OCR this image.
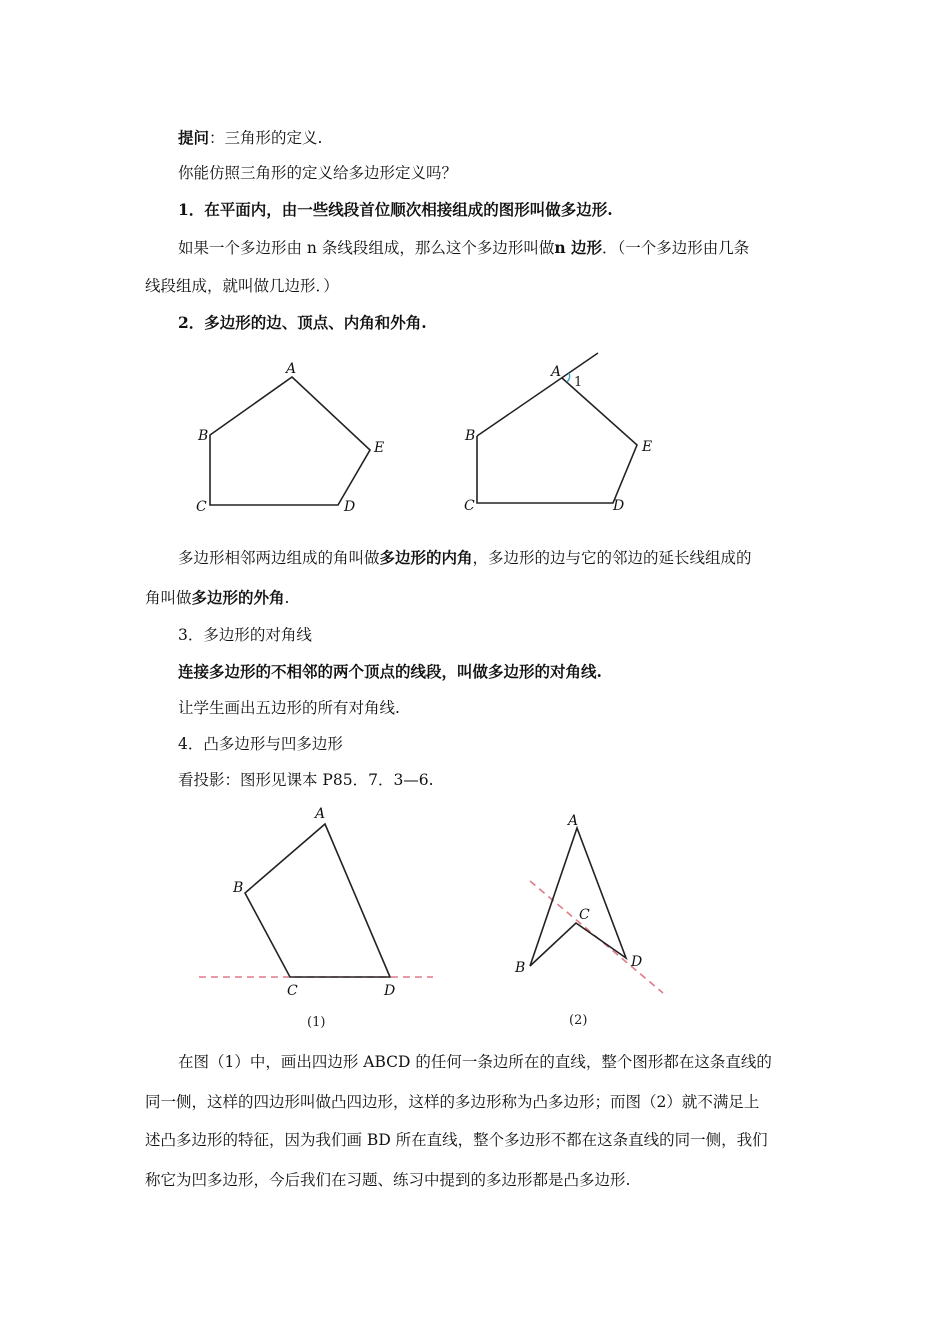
提问：三角形的定义.
你能仿照三角形的定义给多边形定义吗？
1．在平面内，由一些线段首位顺次相接组成的图形叫做多边形.
如果一个多边形由 n 条线段组成，那么这个多边形叫做n 边形．（一个多边形由几条
线段组成，就叫做几边形．）
2．多边形的边、顶点、内角和外角.
A
B
C	D
E
A
1
B
C	D
E
多边形相邻两边组成的角叫做多边形的内角，多边形的边与它的邻边的延长线组成的
角叫做多边形的外角.
3．多边形的对角线
连接多边形的不相邻的两个顶点的线段，叫做多边形的对角线.
让学生画出五边形的所有对角线.
4．凸多边形与凹多边形
看投影：图形见课本 P85．7．3—6.
A
B
C	D
(1)
A
B
C
D
(2)
在图（1）中，画出四边形 ABCD 的任何一条边所在的直线，整个图形都在这条直线的
同一侧，这样的四边形叫做凸四边形，这样的多边形称为凸多边形；而图（2）就不满足上
述凸多边形的特征，因为我们画 BD 所在直线，整个多边形不都在这条直线的同一侧，我们
称它为凹多边形，今后我们在习题、练习中提到的多边形都是凸多边形.
